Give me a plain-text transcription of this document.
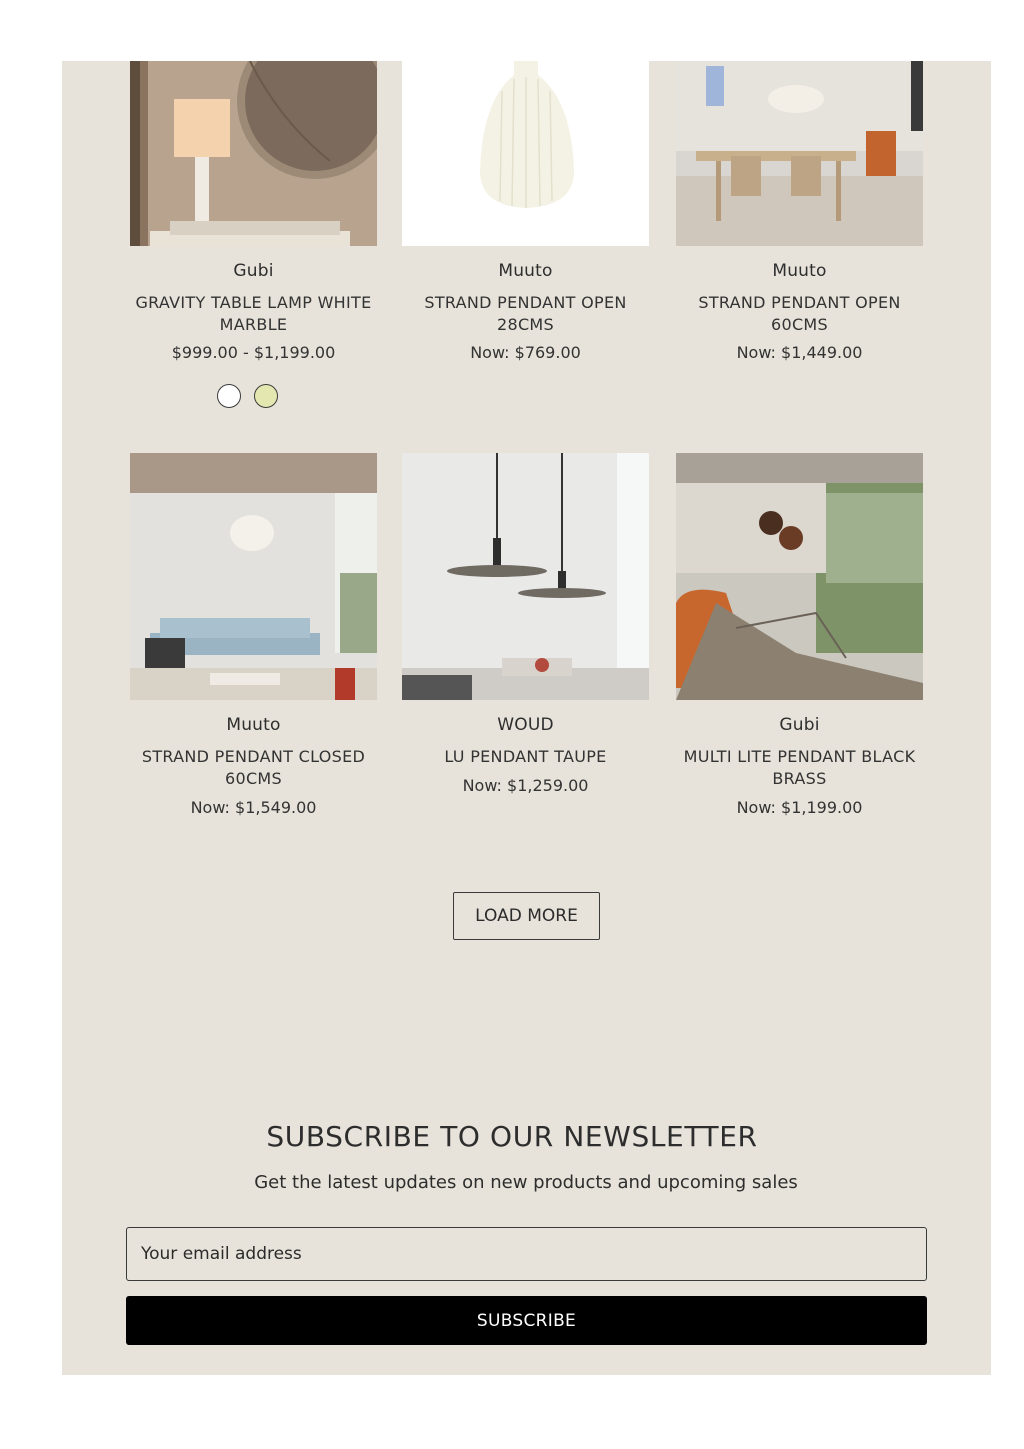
Gubi
GRAVITY TABLE LAMP WHITE
MARBLE
$999.00 - $1,199.00
Muuto
STRAND PENDANT OPEN
28CMS
Now: $769.00
Muuto
STRAND PENDANT OPEN
60CMS
Now: $1,449.00
Muuto
STRAND PENDANT CLOSED
60CMS
Now: $1,549.00
WOUD
LU PENDANT TAUPE
Now: $1,259.00
Gubi
MULTI LITE PENDANT BLACK
BRASS
Now: $1,199.00
LOAD MORE
SUBSCRIBE TO OUR NEWSLETTER
Get the latest updates on new products and upcoming sales
Your email address
SUBSCRIBE
